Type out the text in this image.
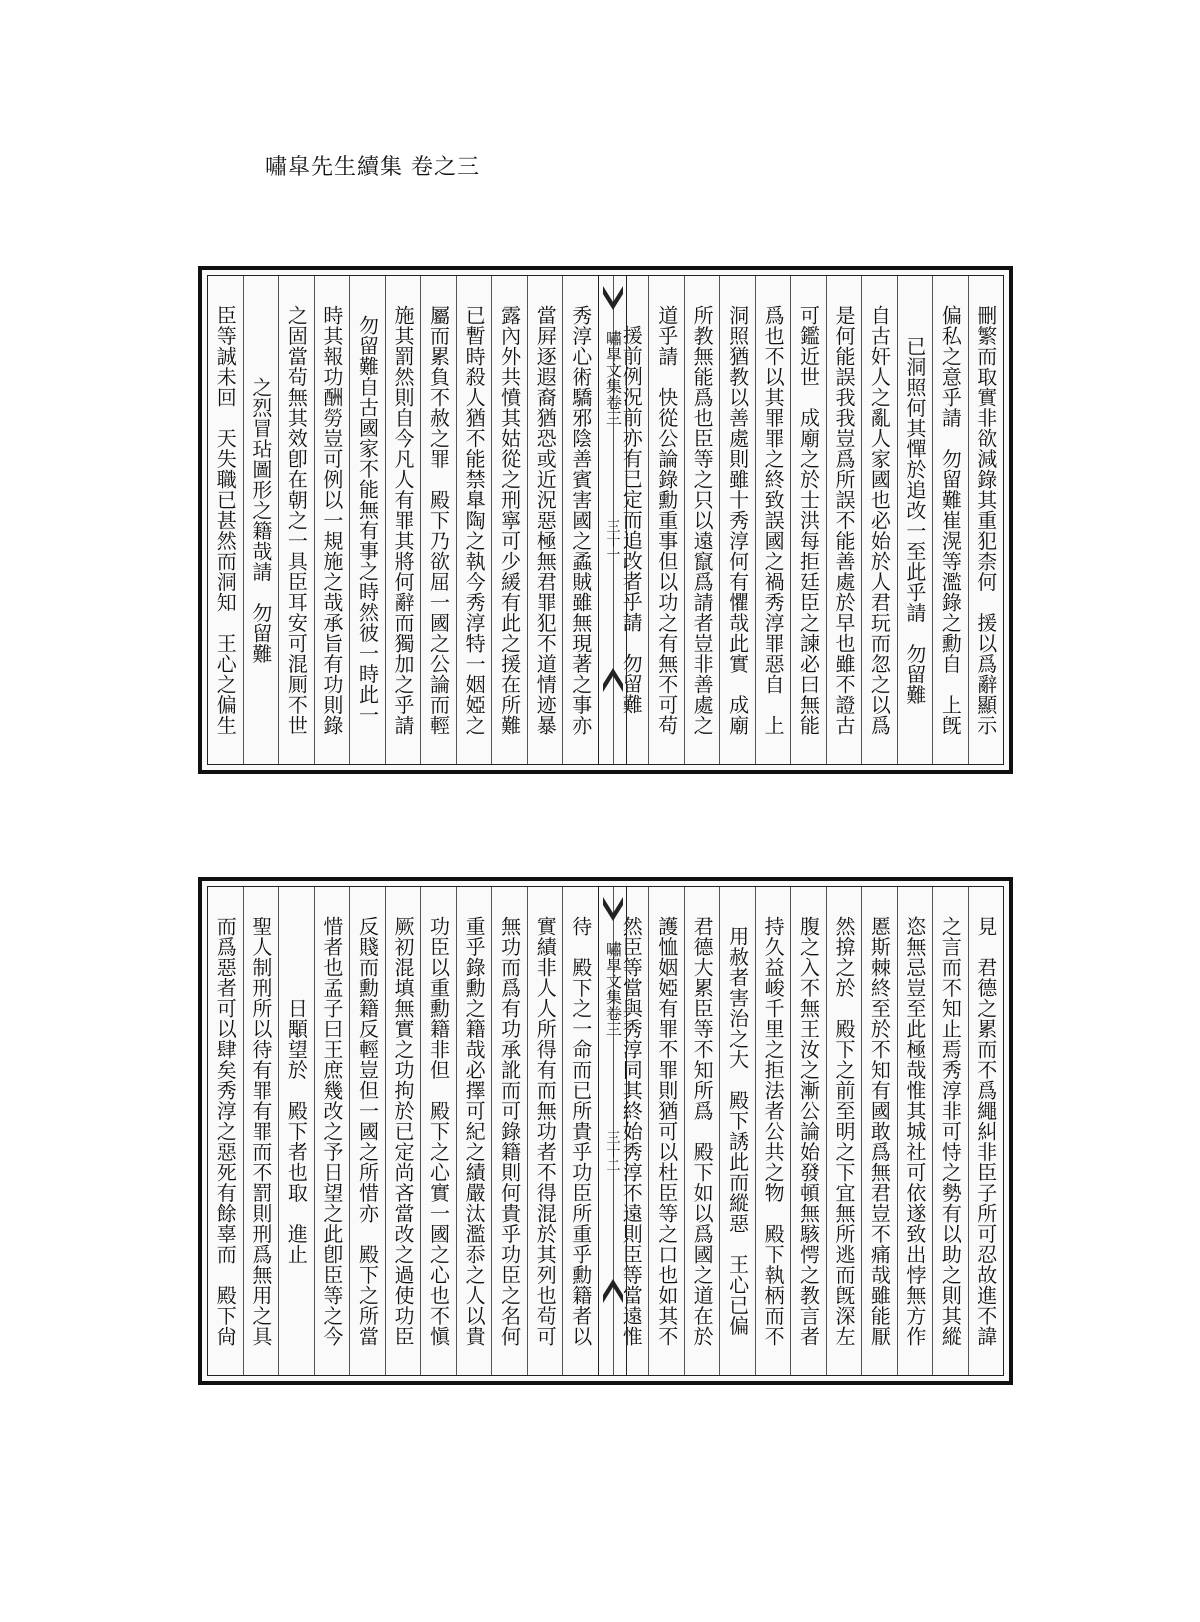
嘯皐先生續集 卷之三
刪繁而取實非欲減錄其重犯柰何　援以爲辭顯示
偏私之意乎請　勿留難崔滉等濫錄之勳自　上旣
已洞照何其憚於追改一至此乎請　勿留難
自古奸人之亂人家國也必始於人君玩而忽之以爲
是何能誤我我豈爲所誤不能善處於早也雖不證古
可鑑近世　成廟之於士洪每拒廷臣之諫必曰無能
爲也不以其罪罪之終致誤國之禍秀淳罪惡自　上
洞照猶教以善處則雖十秀淳何有懼哉此實　成廟
所教無能爲也臣等之只以遠竄爲請者豈非善處之
道乎請　快從公論錄勳重事但以功之有無不可苟
援前例況前亦有已定而追改者乎請　勿留難
嘯皐文集卷三
三十一
秀淳心術驕邪陰善賓害國之蟊賊雖無現著之事亦
當屛逐遐裔猶恐或近況惡極無君罪犯不道情迹暴
露內外共憤其姑從之刑寧可少緩有此之援在所難
已暫時殺人猶不能禁臯陶之執今秀淳特一姻婭之
屬而累負不赦之罪　殿下乃欲屈一國之公論而輕
施其罰然則自今凡人有罪其將何辭而獨加之乎請
勿留難自古國家不能無有事之時然彼一時此一
時其報功酬勞豈可例以一規施之哉承旨有功則錄
之固當茍無其效卽在朝之一具臣耳安可混厠不世
之烈冒玷圖形之籍哉請　勿留難
臣等誠未回　天失職已甚然而洞知　王心之偏生
見　君德之累而不爲繩糾非臣子所可忍故進不諱
之言而不知止焉秀淳非可恃之勢有以助之則其縱
恣無忌豈至此極哉惟其城社可依遂致出悖無方作
慝斯棘終至於不知有國敢爲無君豈不痛哉雖能厭
然揜之於　殿下之前至明之下宜無所逃而旣深左
腹之入不無王汝之漸公論始發頓無駭愕之教言者
持久益峻千里之拒法者公共之物　殿下執柄而不
用赦者害治之大　殿下誘此而縱惡　王心已偏
君德大累臣等不知所爲　殿下如以爲國之道在於
護恤姻婭有罪不罪則猶可以杜臣等之口也如其不
然臣等當與秀淳同其終始秀淳不遠則臣等當遠惟
嘯皐文集卷三
三十二
待　殿下之一命而已所貴乎功臣所重乎勳籍者以
實績非人人所得有而無功者不得混於其列也茍可
無功而爲有功承訛而可錄籍則何貴乎功臣之名何
重乎錄勳之籍哉必擇可紀之績嚴汰濫忝之人以貴
功臣以重勳籍非但　殿下之心實一國之心也不愼
厥初混填無實之功拘於已定尚吝當改之過使功臣
反賤而勳籍反輕豈但一國之所惜亦　殿下之所當
惜者也孟子曰王庶幾改之予日望之此卽臣等之今
日顒望於　殿下者也取　進止
聖人制刑所以待有罪有罪而不罰則刑爲無用之具
而爲惡者可以肆矣秀淳之惡死有餘辜而　殿下尙
